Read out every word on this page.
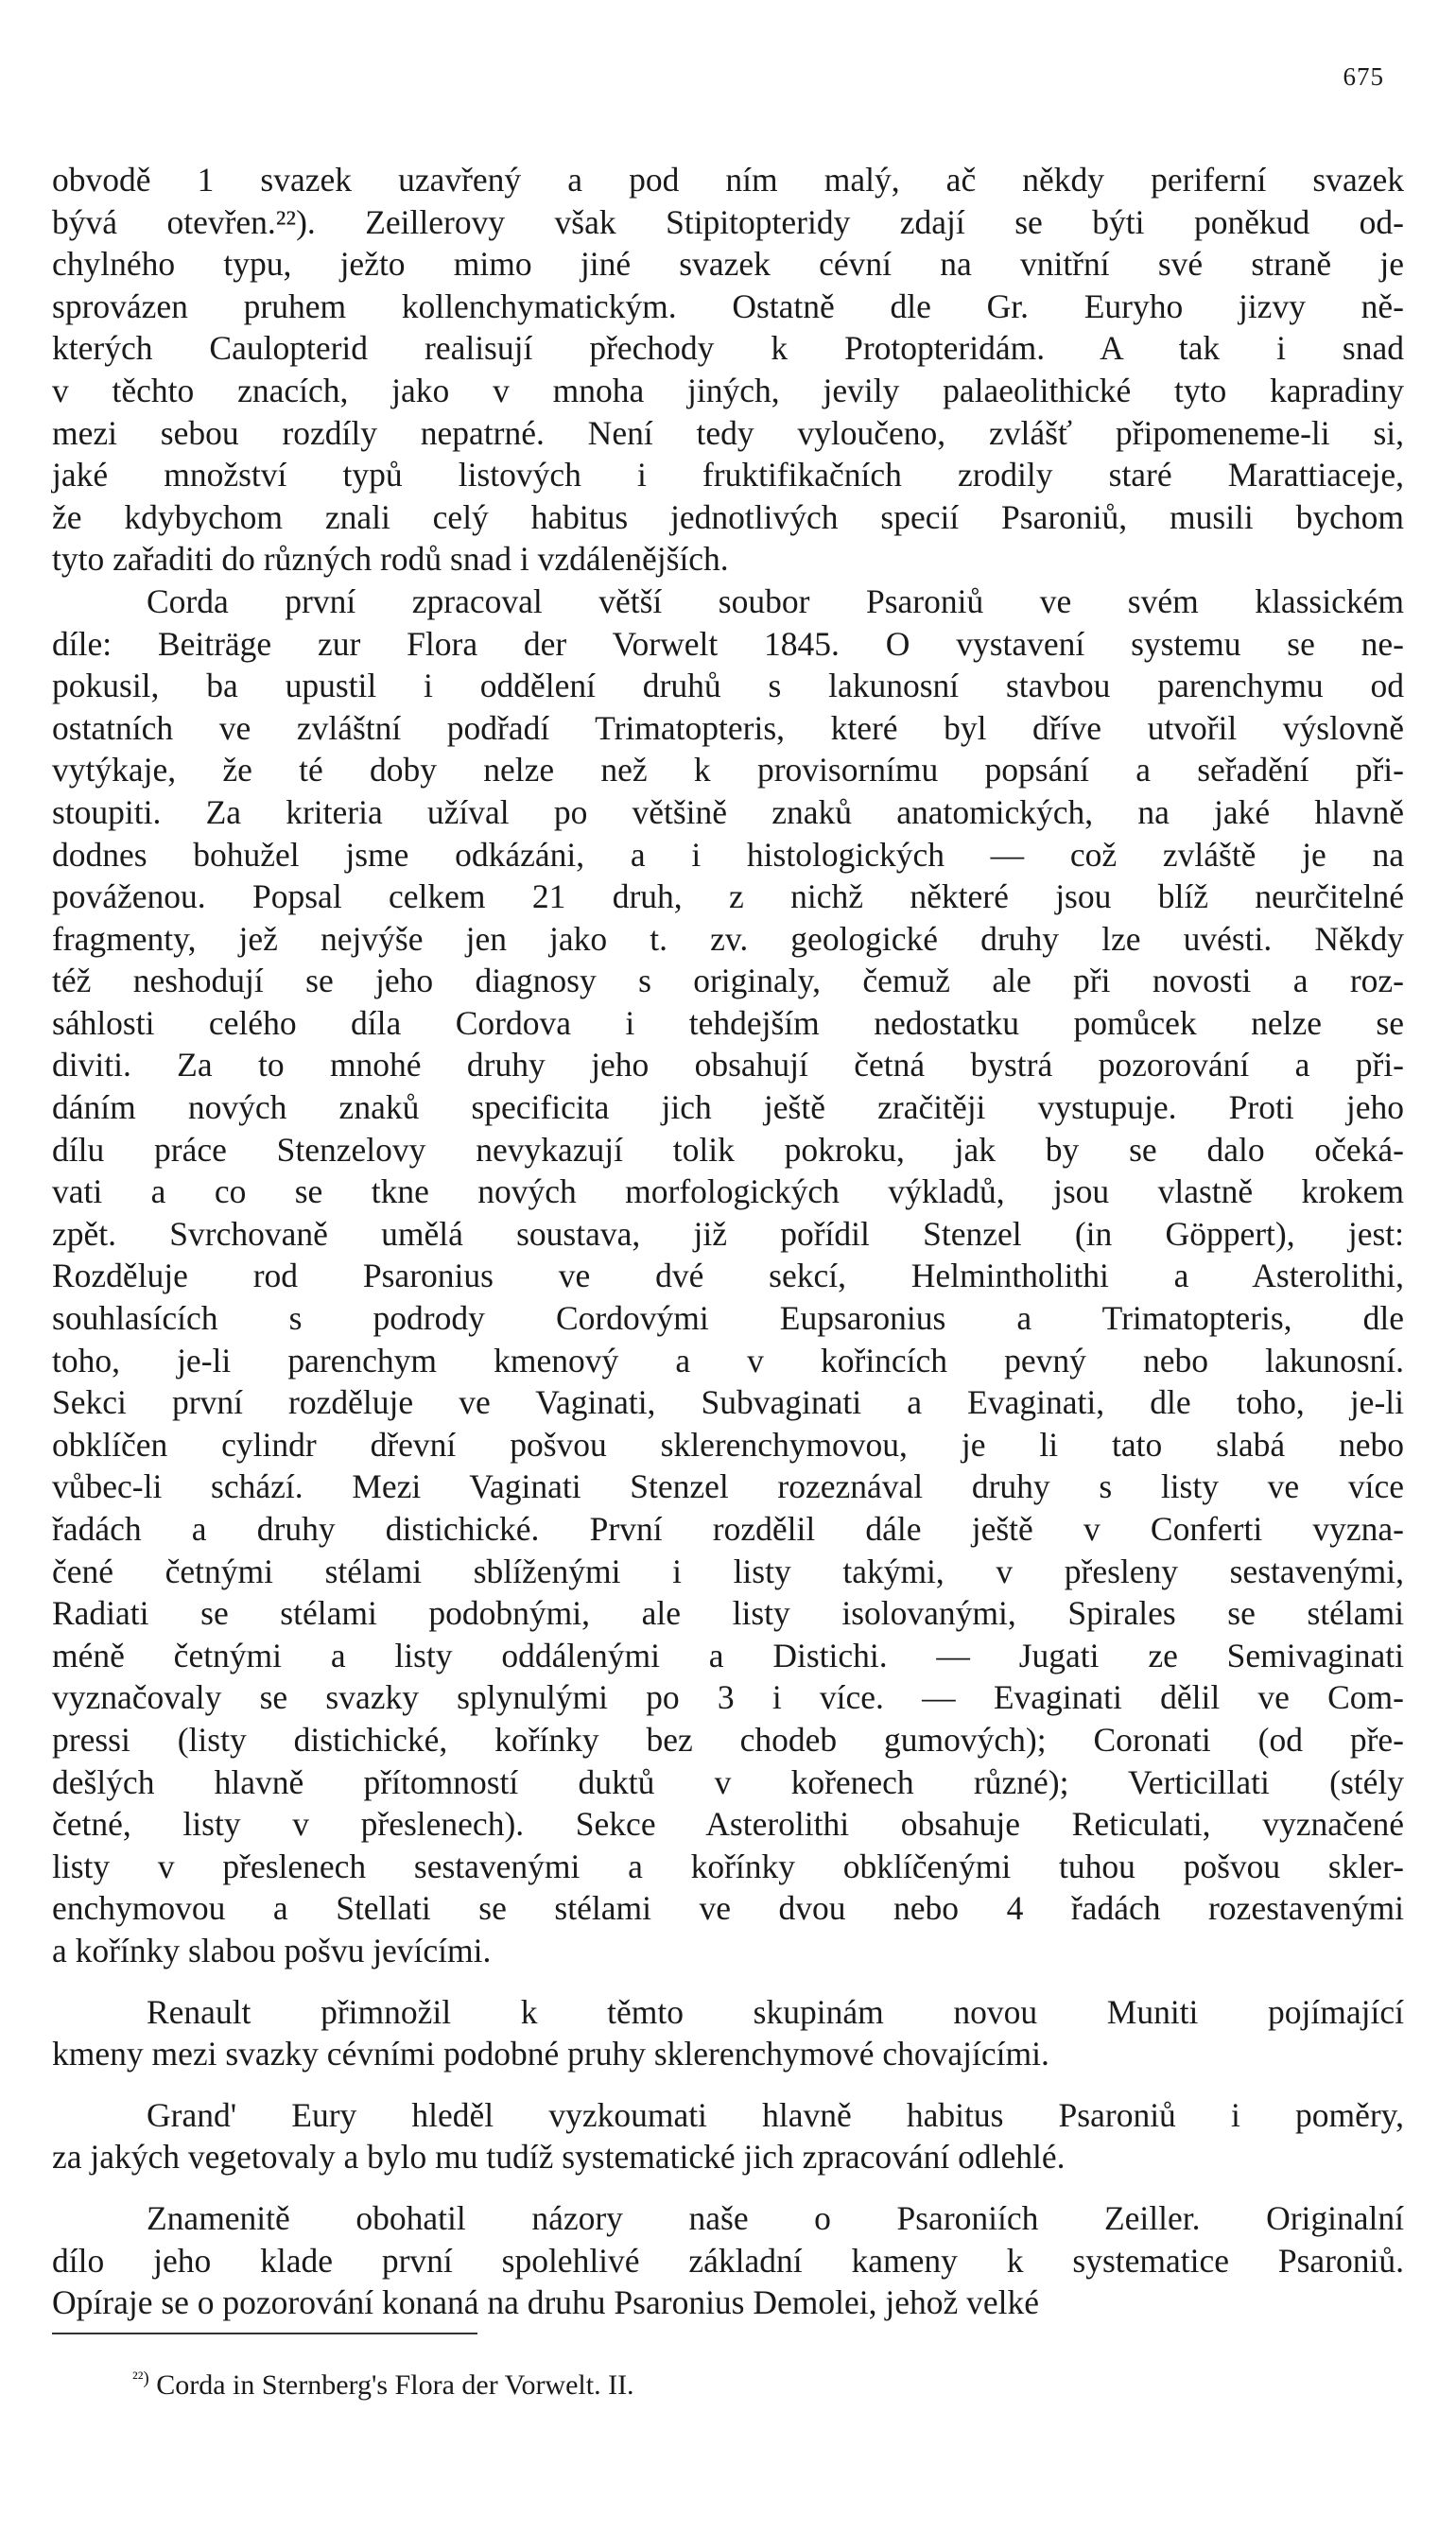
675
obvodě 1 svazek uzavřený a pod ním malý, ač někdy periferní svazek
bývá otevřen.²²). Zeillerovy však Stipitopteridy zdají se býti poněkud od-
chylného typu, ježto mimo jiné svazek cévní na vnitřní své straně je
sprovázen pruhem kollenchymatickým. Ostatně dle Gr. Euryho jizvy ně-
kterých Caulopterid realisují přechody k Protopteridám. A tak i snad
v těchto znacích, jako v mnoha jiných, jevily palaeolithické tyto kapradiny
mezi sebou rozdíly nepatrné. Není tedy vyloučeno, zvlášť připomeneme-li si,
jaké množství typů listových i fruktifikačních zrodily staré Marattiaceje,
že kdybychom znali celý habitus jednotlivých specií Psaroniů, musili bychom
tyto zařaditi do různých rodů snad i vzdálenějších.
Corda první zpracoval větší soubor Psaroniů ve svém klassickém
díle: Beiträge zur Flora der Vorwelt 1845. O vystavení systemu se ne-
pokusil, ba upustil i oddělení druhů s lakunosní stavbou parenchymu od
ostatních ve zvláštní podřadí Trimatopteris, které byl dříve utvořil výslovně
vytýkaje, že té doby nelze než k provisornímu popsání a seřadění při-
stoupiti. Za kriteria užíval po většině znaků anatomických, na jaké hlavně
dodnes bohužel jsme odkázáni, a i histologických — což zvláště je na
pováženou. Popsal celkem 21 druh, z nichž některé jsou blíž neurčitelné
fragmenty, jež nejvýše jen jako t. zv. geologické druhy lze uvésti. Někdy
též neshodují se jeho diagnosy s originaly, čemuž ale při novosti a roz-
sáhlosti celého díla Cordova i tehdejším nedostatku pomůcek nelze se
diviti. Za to mnohé druhy jeho obsahují četná bystrá pozorování a při-
dáním nových znaků specificita jich ještě zračitěji vystupuje. Proti jeho
dílu práce Stenzelovy nevykazují tolik pokroku, jak by se dalo očeká-
vati a co se tkne nových morfologických výkladů, jsou vlastně krokem
zpět. Svrchovaně umělá soustava, již pořídil Stenzel (in Göppert), jest:
Rozděluje rod Psaronius ve dvé sekcí, Helmintholithi a Asterolithi,
souhlasících s podrody Cordovými Eupsaronius a Trimatopteris, dle
toho, je-li parenchym kmenový a v kořincích pevný nebo lakunosní.
Sekci první rozděluje ve Vaginati, Subvaginati a Evaginati, dle toho, je-li
obklíčen cylindr dřevní pošvou sklerenchymovou, je li tato slabá nebo
vůbec-li schází. Mezi Vaginati Stenzel rozeznával druhy s listy ve více
řadách a druhy distichické. První rozdělil dále ještě v Conferti vyzna-
čené četnými stélami sblíženými i listy takými, v přesleny sestavenými,
Radiati se stélami podobnými, ale listy isolovanými, Spirales se stélami
méně četnými a listy oddálenými a Distichi. — Jugati ze Semivaginati
vyznačovaly se svazky splynulými po 3 i více. — Evaginati dělil ve Com-
pressi (listy distichické, kořínky bez chodeb gumových); Coronati (od pře-
dešlých hlavně přítomností duktů v kořenech různé); Verticillati (stély
četné, listy v přeslenech). Sekce Asterolithi obsahuje Reticulati, vyznačené
listy v přeslenech sestavenými a kořínky obklíčenými tuhou pošvou skler-
enchymovou a Stellati se stélami ve dvou nebo 4 řadách rozestavenými
a kořínky slabou pošvu jevícími.
Renault přimnožil k těmto skupinám novou Muniti pojímající
kmeny mezi svazky cévními podobné pruhy sklerenchymové chovajícími.
Grand' Eury hleděl vyzkoumati hlavně habitus Psaroniů i poměry,
za jakých vegetovaly a bylo mu tudíž systematické jich zpracování odlehlé.
Znamenitě obohatil názory naše o Psaroniích Zeiller. Originalní
dílo jeho klade první spolehlivé základní kameny k systematice Psaroniů.
Opíraje se o pozorování konaná na druhu Psaronius Demolei, jehož velké
$^{^{22})}$ Corda in Sternberg's Flora der Vorwelt. II.
